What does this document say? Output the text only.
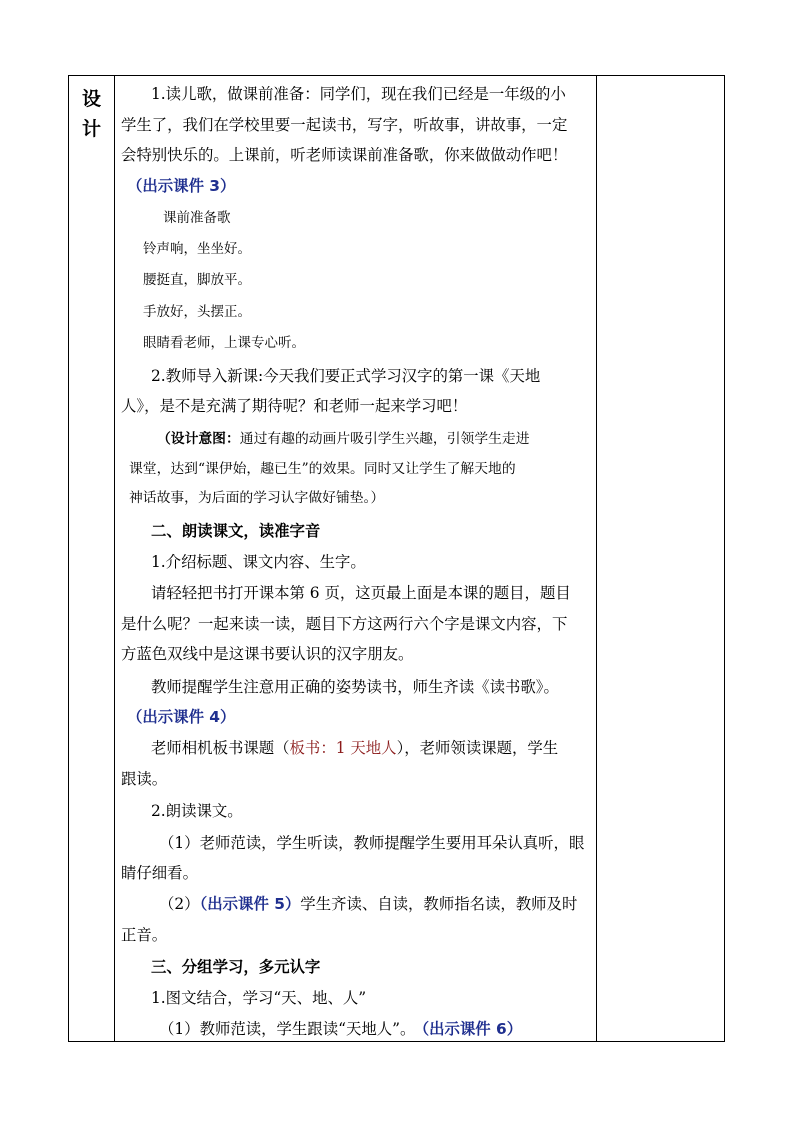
设
计
1.读儿歌，做课前准备：同学们，现在我们已经是一年级的小
学生了，我们在学校里要一起读书，写字，听故事，讲故事，一定
会特别快乐的。上课前，听老师读课前准备歌，你来做做动作吧！
（出示课件 3）
课前准备歌
铃声响，坐坐好。
腰挺直，脚放平。
手放好，头摆正。
眼睛看老师，上课专心听。
2.教师导入新课:今天我们要正式学习汉字的第一课《天地
人》，是不是充满了期待呢？和老师一起来学习吧！
（设计意图：通过有趣的动画片吸引学生兴趣，引领学生走进
课堂，达到“课伊始，趣已生”的效果。同时又让学生了解天地的
神话故事，为后面的学习认字做好铺垫。）
二、朗读课文，读准字音
1.介绍标题、课文内容、生字。
请轻轻把书打开课本第 6 页，这页最上面是本课的题目，题目
是什么呢？一起来读一读，题目下方这两行六个字是课文内容，下
方蓝色双线中是这课书要认识的汉字朋友。
教师提醒学生注意用正确的姿势读书，师生齐读《读书歌》。
（出示课件 4）
老师相机板书课题（板书：1 天地人），老师领读课题，学生
跟读。
2.朗读课文。
（1）老师范读，学生听读，教师提醒学生要用耳朵认真听，眼
睛仔细看。
（2）（出示课件 5）学生齐读、自读，教师指名读，教师及时
正音。
三、分组学习，多元认字
1.图文结合，学习“天、地、人”
（1）教师范读，学生跟读“天地人”。 （出示课件 6）
